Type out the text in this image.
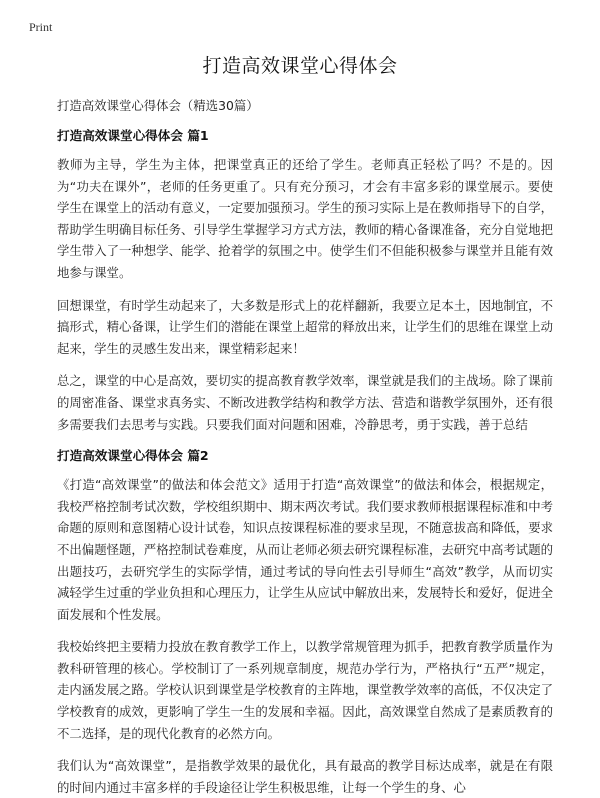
Print
打造高效课堂心得体会

打造高效课堂心得体会（精选30篇）

打造高效课堂心得体会 篇1

教师为主导，学生为主体，把课堂真正的还给了学生。老师真正轻松了吗？不是的。因为“功夫在课外”，老师的任务更重了。只有充分预习，才会有丰富多彩的课堂展示。要使学生在课堂上的活动有意义，一定要加强预习。学生的预习实际上是在教师指导下的自学，帮助学生明确目标任务、引导学生掌握学习方式方法，教师的精心备课准备，充分自觉地把学生带入了一种想学、能学、抢着学的氛围之中。使学生们不但能积极参与课堂并且能有效地参与课堂。

回想课堂，有时学生动起来了，大多数是形式上的花样翻新，我要立足本土，因地制宜，不搞形式，精心备课，让学生们的潜能在课堂上超常的释放出来，让学生们的思维在课堂上动起来，学生的灵感生发出来，课堂精彩起来！

总之，课堂的中心是高效，要切实的提高教育教学效率，课堂就是我们的主战场。除了课前的周密准备、课堂求真务实、不断改进教学结构和教学方法、营造和谐教学氛围外，还有很多需要我们去思考与实践。只要我们面对问题和困难，冷静思考，勇于实践，善于总结

打造高效课堂心得体会 篇2

《打造“高效课堂”的做法和体会范文》适用于打造“高效课堂”的做法和体会，根据规定，我校严格控制考试次数，学校组织期中、期末两次考试。我们要求教师根据课程标准和中考命题的原则和意图精心设计试卷，知识点按课程标准的要求呈现，不随意拔高和降低，要求不出偏题怪题，严格控制试卷难度，从而让老师必须去研究课程标准，去研究中高考试题的出题技巧，去研究学生的实际学情，通过考试的导向性去引导师生“高效”教学，从而切实减轻学生过重的学业负担和心理压力，让学生从应试中解放出来，发展特长和爱好，促进全面发展和个性发展。

我校始终把主要精力投放在教育教学工作上，以教学常规管理为抓手，把教育教学质量作为教科研管理的核心。学校制订了一系列规章制度，规范办学行为，严格执行“五严”规定，走内涵发展之路。学校认识到课堂是学校教育的主阵地，课堂教学效率的高低，不仅决定了学校教育的成效，更影响了学生一生的发展和幸福。因此，高效课堂自然成了是素质教育的不二选择，是的现代化教育的必然方向。

我们认为“高效课堂”，是指教学效果的最优化，具有最高的教学目标达成率，就是在有限的时间内通过丰富多样的手段途径让学生积极思维，让每一个学生的身、心
